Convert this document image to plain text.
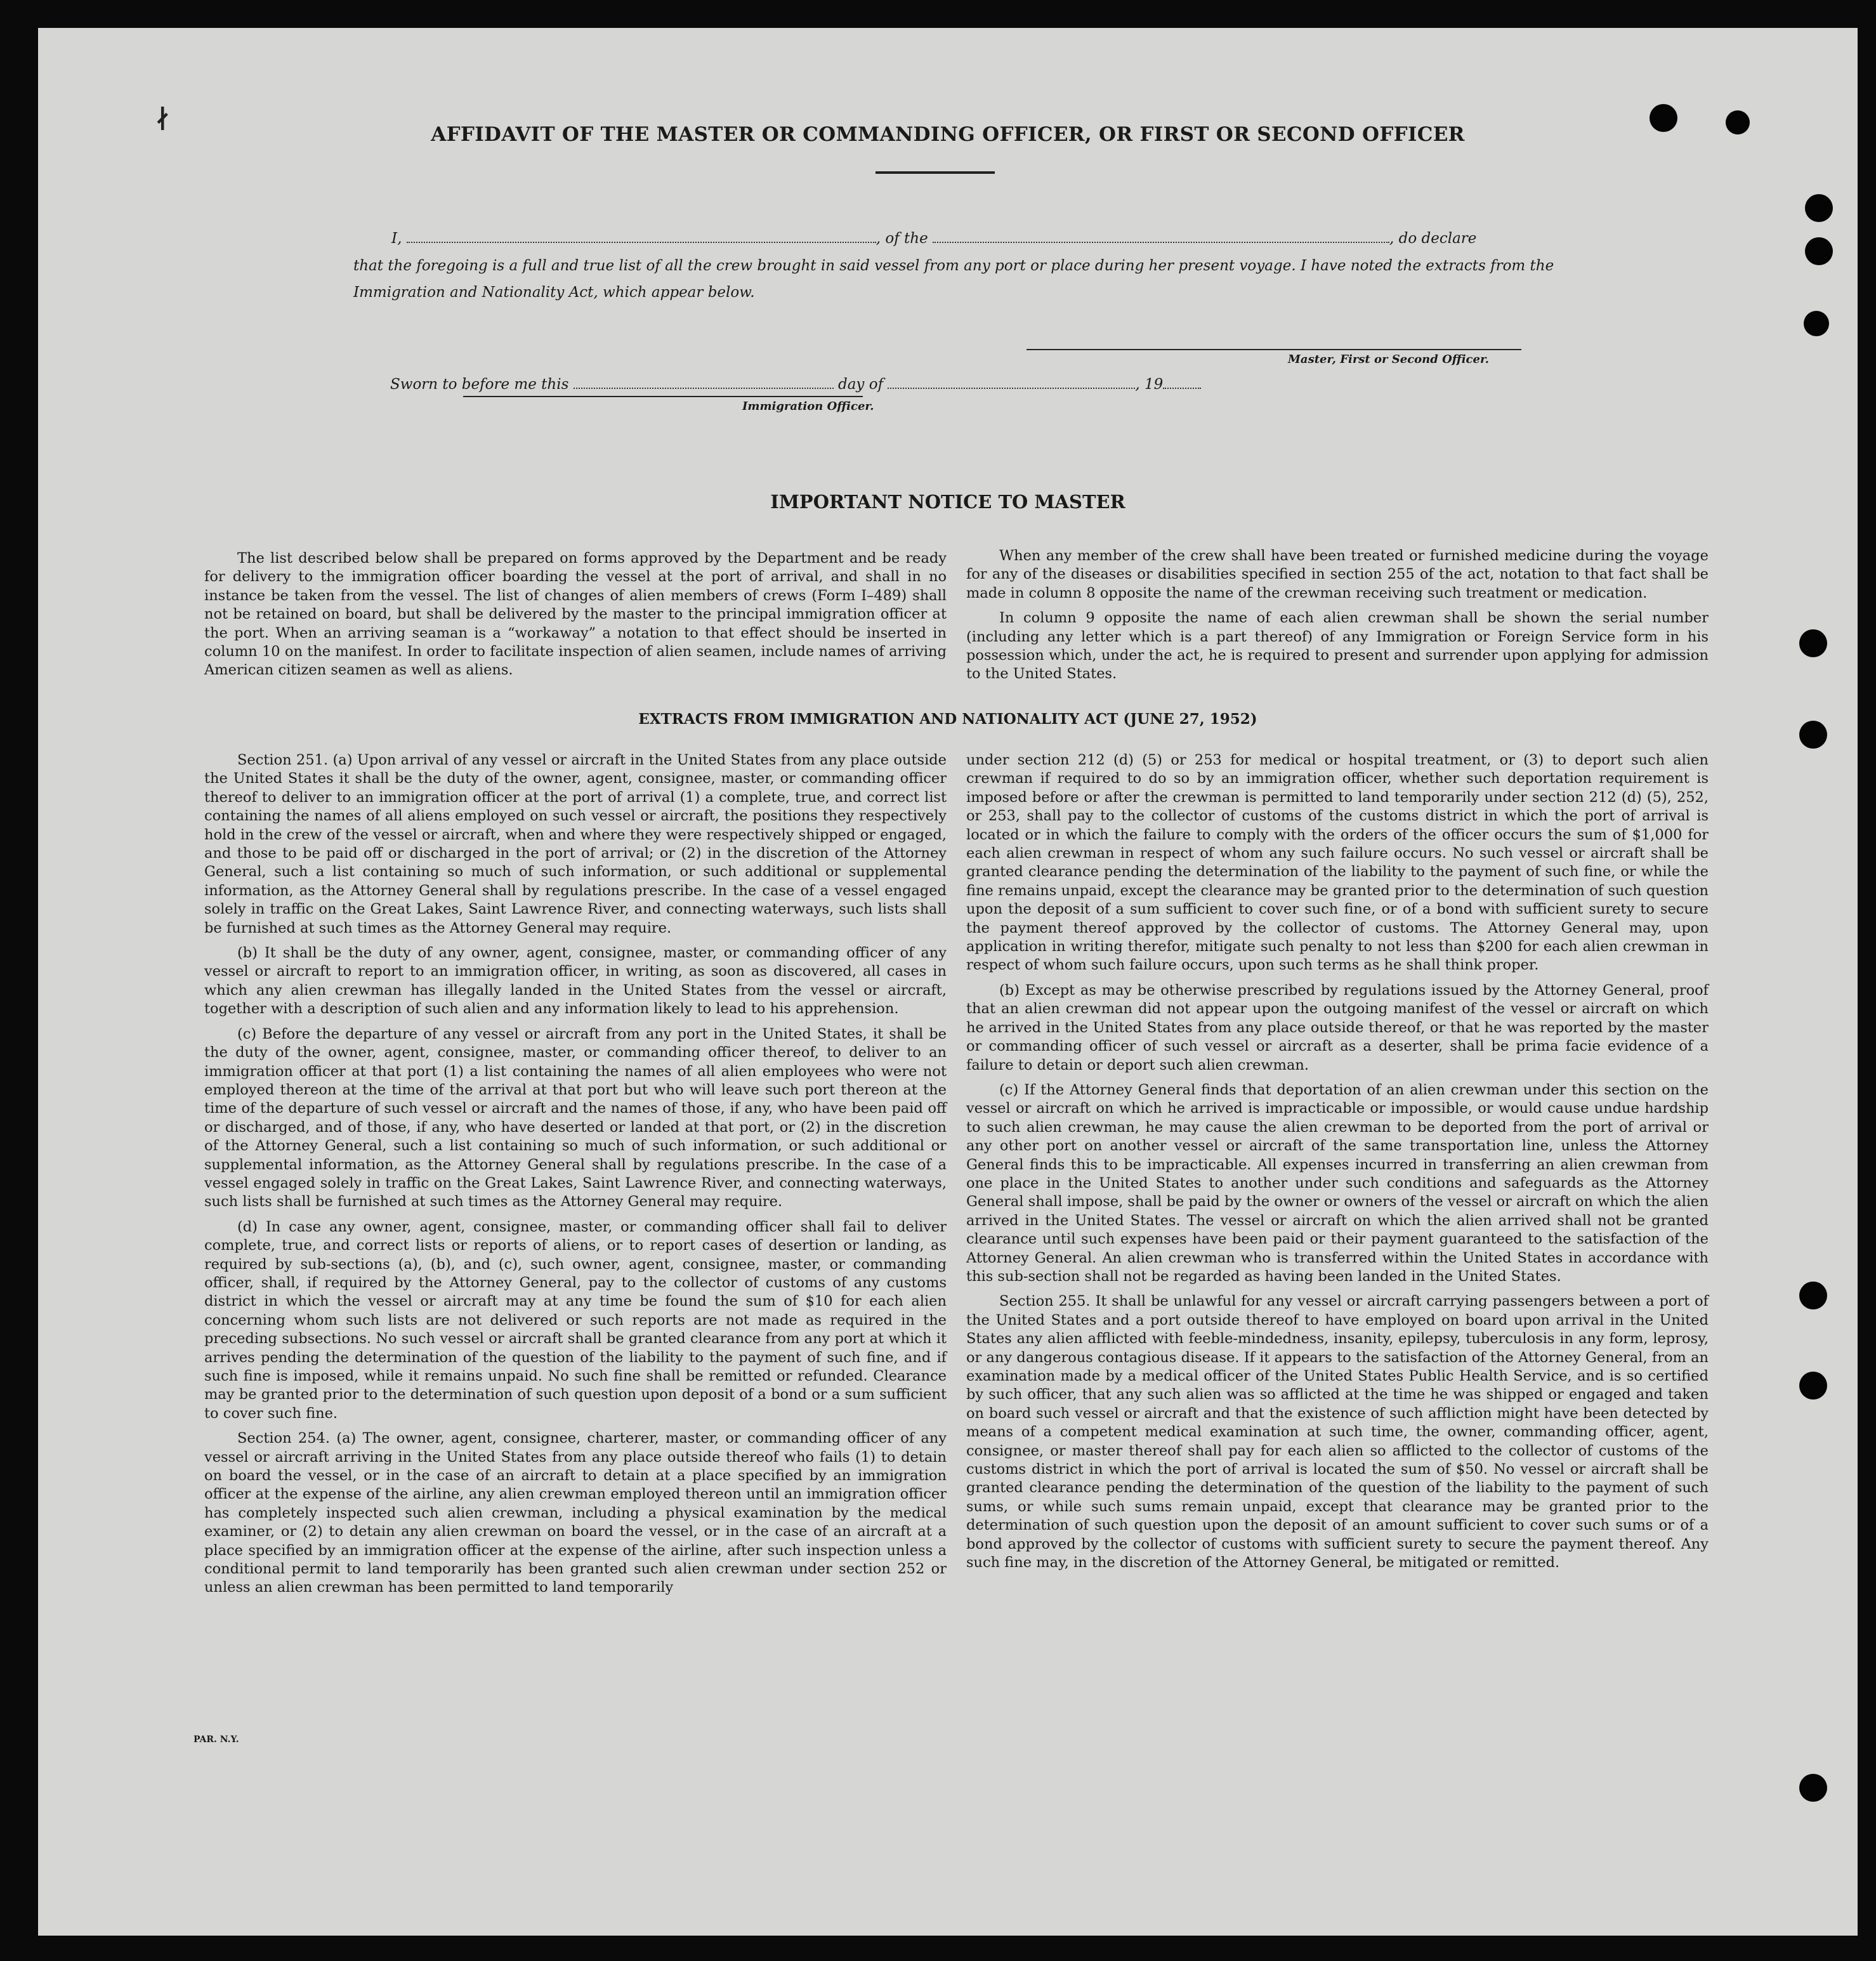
∤
AFFIDAVIT OF THE MASTER OR COMMANDING OFFICER, OR FIRST OR SECOND OFFICER
I,	, of the	, do declare
that the foregoing is a full and true list of all the crew brought in said vessel from any port or place during her present voyage. I have noted the extracts from the Immigration and Nationality Act, which appear below.
Master, First or Second Officer.
Sworn to before me this	day of	, 19
Immigration Officer.
IMPORTANT NOTICE TO MASTER

The list described below shall be prepared on forms approved by the Department and be ready for delivery to the immigration officer boarding the vessel at the port of arrival, and shall in no instance be taken from the vessel. The list of changes of alien members of crews (Form I–489) shall not be retained on board, but shall be delivered by the master to the principal immigration officer at the port. When an arriving seaman is a “workaway” a notation to that effect should be inserted in column 10 on the manifest. In order to facilitate inspection of alien seamen, include names of arriving American citizen seamen as well as aliens.

When any member of the crew shall have been treated or furnished medicine during the voyage for any of the diseases or disabilities specified in section 255 of the act, notation to that fact shall be made in column 8 opposite the name of the crewman receiving such treatment or medication.

In column 9 opposite the name of each alien crewman shall be shown the serial number (including any letter which is a part thereof) of any Immigration or Foreign Service form in his possession which, under the act, he is required to present and surrender upon applying for admission to the United States.

EXTRACTS FROM IMMIGRATION AND NATIONALITY ACT (JUNE 27, 1952)

Section 251. (a) Upon arrival of any vessel or aircraft in the United States from any place outside the United States it shall be the duty of the owner, agent, consignee, master, or commanding officer thereof to deliver to an immigration officer at the port of arrival (1) a complete, true, and correct list containing the names of all aliens employed on such vessel or aircraft, the positions they respectively hold in the crew of the vessel or aircraft, when and where they were respectively shipped or engaged, and those to be paid off or discharged in the port of arrival; or (2) in the discretion of the Attorney General, such a list containing so much of such information, or such additional or supplemental information, as the Attorney General shall by regulations prescribe. In the case of a vessel engaged solely in traffic on the Great Lakes, Saint Lawrence River, and connecting waterways, such lists shall be furnished at such times as the Attorney General may require.

(b) It shall be the duty of any owner, agent, consignee, master, or commanding officer of any vessel or aircraft to report to an immigration officer, in writing, as soon as discovered, all cases in which any alien crewman has illegally landed in the United States from the vessel or aircraft, together with a description of such alien and any information likely to lead to his apprehension.

(c) Before the departure of any vessel or aircraft from any port in the United States, it shall be the duty of the owner, agent, consignee, master, or commanding officer thereof, to deliver to an immigration officer at that port (1) a list containing the names of all alien employees who were not employed thereon at the time of the arrival at that port but who will leave such port thereon at the time of the departure of such vessel or aircraft and the names of those, if any, who have been paid off or discharged, and of those, if any, who have deserted or landed at that port, or (2) in the discretion of the Attorney General, such a list containing so much of such information, or such additional or supplemental information, as the Attorney General shall by regulations prescribe. In the case of a vessel engaged solely in traffic on the Great Lakes, Saint Lawrence River, and connecting waterways, such lists shall be furnished at such times as the Attorney General may require.

(d) In case any owner, agent, consignee, master, or commanding officer shall fail to deliver complete, true, and correct lists or reports of aliens, or to report cases of desertion or landing, as required by sub-sections (a), (b), and (c), such owner, agent, consignee, master, or commanding officer, shall, if required by the Attorney General, pay to the collector of customs of any customs district in which the vessel or aircraft may at any time be found the sum of $10 for each alien concerning whom such lists are not delivered or such reports are not made as required in the preceding subsections. No such vessel or aircraft shall be granted clearance from any port at which it arrives pending the determination of the question of the liability to the payment of such fine, and if such fine is imposed, while it remains unpaid. No such fine shall be remitted or refunded. Clearance may be granted prior to the determination of such question upon deposit of a bond or a sum sufficient to cover such fine.

Section 254. (a) The owner, agent, consignee, charterer, master, or commanding officer of any vessel or aircraft arriving in the United States from any place outside thereof who fails (1) to detain on board the vessel, or in the case of an aircraft to detain at a place specified by an immigration officer at the expense of the airline, any alien crewman employed thereon until an immigration officer has completely inspected such alien crewman, including a physical examination by the medical examiner, or (2) to detain any alien crewman on board the vessel, or in the case of an aircraft at a place specified by an immigration officer at the expense of the airline, after such inspection unless a conditional permit to land temporarily has been granted such alien crewman under section 252 or unless an alien crewman has been permitted to land temporarily

under section 212 (d) (5) or 253 for medical or hospital treatment, or (3) to deport such alien crewman if required to do so by an immigration officer, whether such deportation requirement is imposed before or after the crewman is permitted to land temporarily under section 212 (d) (5), 252, or 253, shall pay to the collector of customs of the customs district in which the port of arrival is located or in which the failure to comply with the orders of the officer occurs the sum of $1,000 for each alien crewman in respect of whom any such failure occurs. No such vessel or aircraft shall be granted clearance pending the determination of the liability to the payment of such fine, or while the fine remains unpaid, except the clearance may be granted prior to the determination of such question upon the deposit of a sum sufficient to cover such fine, or of a bond with sufficient surety to secure the payment thereof approved by the collector of customs. The Attorney General may, upon application in writing therefor, mitigate such penalty to not less than $200 for each alien crewman in respect of whom such failure occurs, upon such terms as he shall think proper.

(b) Except as may be otherwise prescribed by regulations issued by the Attorney General, proof that an alien crewman did not appear upon the outgoing manifest of the vessel or aircraft on which he arrived in the United States from any place outside thereof, or that he was reported by the master or commanding officer of such vessel or aircraft as a deserter, shall be prima facie evidence of a failure to detain or deport such alien crewman.

(c) If the Attorney General finds that deportation of an alien crewman under this section on the vessel or aircraft on which he arrived is impracticable or impossible, or would cause undue hardship to such alien crewman, he may cause the alien crewman to be deported from the port of arrival or any other port on another vessel or aircraft of the same transportation line, unless the Attorney General finds this to be impracticable. All expenses incurred in transferring an alien crewman from one place in the United States to another under such conditions and safeguards as the Attorney General shall impose, shall be paid by the owner or owners of the vessel or aircraft on which the alien arrived in the United States. The vessel or aircraft on which the alien arrived shall not be granted clearance until such expenses have been paid or their payment guaranteed to the satisfaction of the Attorney General. An alien crewman who is transferred within the United States in accordance with this sub-section shall not be regarded as having been landed in the United States.

Section 255. It shall be unlawful for any vessel or aircraft carrying passengers between a port of the United States and a port outside thereof to have employed on board upon arrival in the United States any alien afflicted with feeble-mindedness, insanity, epilepsy, tuberculosis in any form, leprosy, or any dangerous contagious disease. If it appears to the satisfaction of the Attorney General, from an examination made by a medical officer of the United States Public Health Service, and is so certified by such officer, that any such alien was so afflicted at the time he was shipped or engaged and taken on board such vessel or aircraft and that the existence of such affliction might have been detected by means of a competent medical examination at such time, the owner, commanding officer, agent, consignee, or master thereof shall pay for each alien so afflicted to the collector of customs of the customs district in which the port of arrival is located the sum of $50. No vessel or aircraft shall be granted clearance pending the determination of the question of the liability to the payment of such sums, or while such sums remain unpaid, except that clearance may be granted prior to the determination of such question upon the deposit of an amount sufficient to cover such sums or of a bond approved by the collector of customs with sufficient surety to secure the payment thereof. Any such fine may, in the discretion of the Attorney General, be mitigated or remitted.

PAR. N.Y.
